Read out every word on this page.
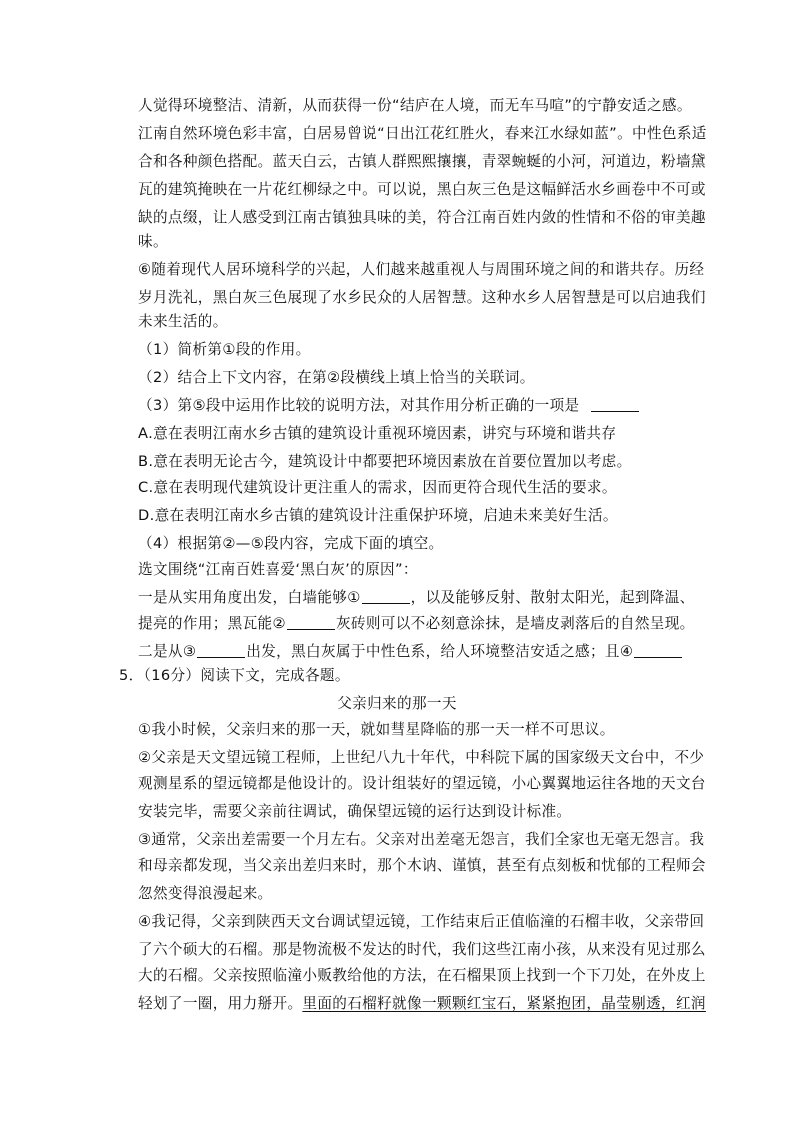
人觉得环境整洁、清新，从而获得一份“结庐在人境，而无车马喧”的宁静安适之感。
江南自然环境色彩丰富，白居易曾说“日出江花红胜火，春来江水绿如蓝”。中性色系适
合和各种颜色搭配。蓝天白云，古镇人群熙熙攘攘，青翠蜿蜒的小河，河道边，粉墙黛
瓦的建筑掩映在一片花红柳绿之中。可以说，黑白灰三色是这幅鲜活水乡画卷中不可或
缺的点缀，让人感受到江南古镇独具味的美，符合江南百姓内敛的性情和不俗的审美趣
味。
⑥随着现代人居环境科学的兴起，人们越来越重视人与周围环境之间的和谐共存。历经
岁月洗礼，黑白灰三色展现了水乡民众的人居智慧。这种水乡人居智慧是可以启迪我们
未来生活的。
（1）简析第①段的作用。
（2）结合上下文内容，在第②段横线上填上恰当的关联词。
（3）第⑤段中运用作比较的说明方法，对其作用分析正确的一项是
A.意在表明江南水乡古镇的建筑设计重视环境因素，讲究与环境和谐共存
B.意在表明无论古今，建筑设计中都要把环境因素放在首要位置加以考虑。
C.意在表明现代建筑设计更注重人的需求，因而更符合现代生活的要求。
D.意在表明江南水乡古镇的建筑设计注重保护环境，启迪未来美好生活。
（4）根据第②—⑤段内容，完成下面的填空。
选文围绕“江南百姓喜爱‘黑白灰’的原因”：
一是从实用角度出发，白墙能够①	，以及能够反射、散射太阳光，起到降温、
提亮的作用；黑瓦能②	灰砖则可以不必刻意涂抹，是墙皮剥落后的自然呈现。
二是从③	出发，黑白灰属于中性色系，给人环境整洁安适之感；且④
5．（16分）阅读下文，完成各题。
父亲归来的那一天
①我小时候，父亲归来的那一天，就如彗星降临的那一天一样不可思议。
②父亲是天文望远镜工程师，上世纪八九十年代，中科院下属的国家级天文台中，不少
观测星系的望远镜都是他设计的。设计组装好的望远镜，小心翼翼地运往各地的天文台
安装完毕，需要父亲前往调试，确保望远镜的运行达到设计标准。
③通常，父亲出差需要一个月左右。父亲对出差毫无怨言，我们全家也无毫无怨言。我
和母亲都发现，当父亲出差归来时，那个木讷、谨慎，甚至有点刻板和忧郁的工程师会
忽然变得浪漫起来。
④我记得，父亲到陕西天文台调试望远镜，工作结束后正值临潼的石榴丰收，父亲带回
了六个硕大的石榴。那是物流极不发达的时代，我们这些江南小孩，从来没有见过那么
大的石榴。父亲按照临潼小贩教给他的方法，在石榴果顶上找到一个下刀处，在外皮上
轻划了一圈，用力掰开。里面的石榴籽就像一颗颗红宝石，紧紧抱团，晶莹剔透，红润
